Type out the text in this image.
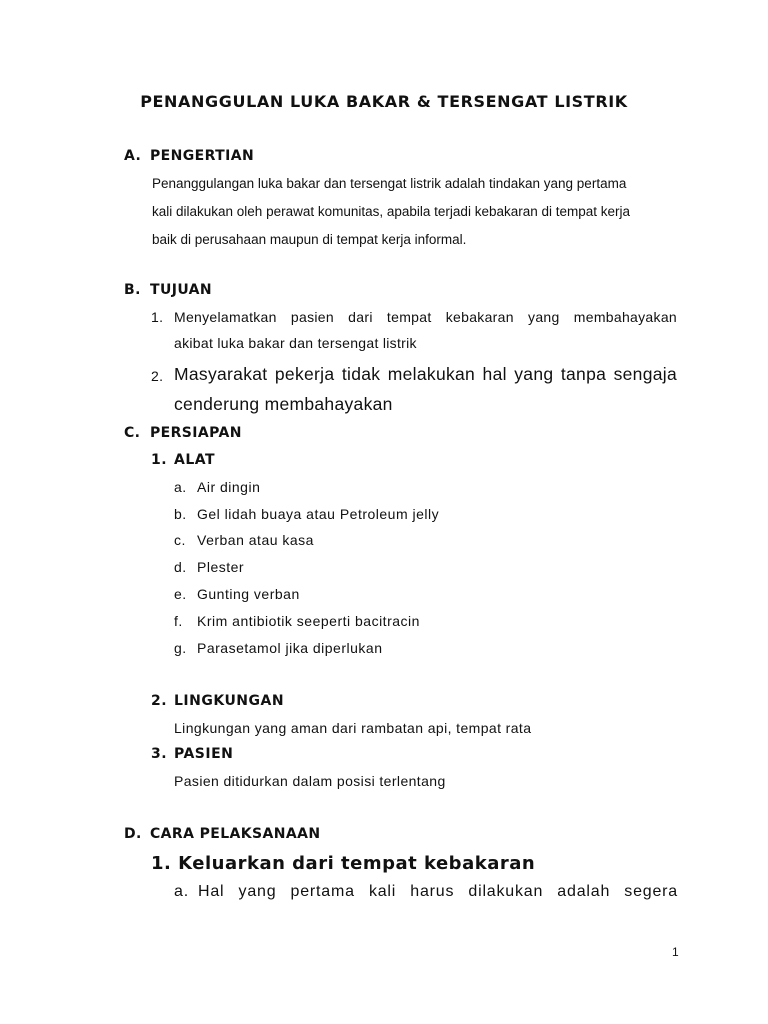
PENANGGULAN LUKA BAKAR & TERSENGAT LISTRIK
A. PENGERTIAN
Penanggulangan luka bakar dan tersengat listrik adalah tindakan yang pertama
kali dilakukan oleh perawat komunitas, apabila terjadi kebakaran di tempat kerja
baik di perusahaan maupun di tempat kerja informal.
B. TUJUAN
1. Menyelamatkan pasien dari tempat kebakaran yang membahayakan
akibat luka bakar dan tersengat listrik
2. Masyarakat pekerja tidak melakukan hal yang tanpa sengaja
cenderung membahayakan
C. PERSIAPAN
1. ALAT
a. Air dingin
b. Gel lidah buaya atau Petroleum jelly
c. Verban atau kasa
d. Plester
e. Gunting verban
f. Krim antibiotik seeperti bacitracin
g. Parasetamol jika diperlukan
2. LINGKUNGAN
Lingkungan yang aman dari rambatan api, tempat rata
3. PASIEN
Pasien ditidurkan dalam posisi terlentang
D. CARA PELAKSANAAN
1. Keluarkan dari tempat kebakaran
a. Hal yang pertama kali harus dilakukan adalah segera
1
